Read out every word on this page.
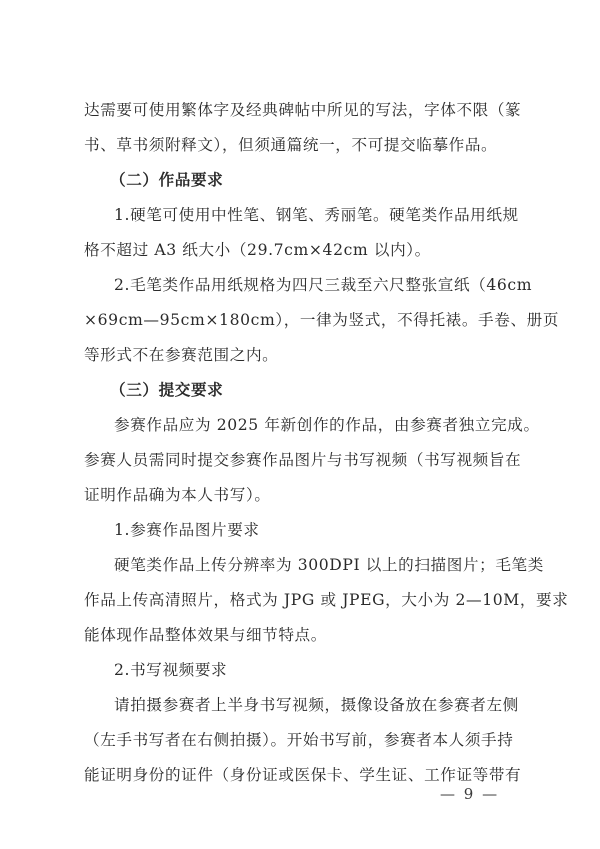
达需要可使用繁体字及经典碑帖中所见的写法，字体不限（篆
书、草书须附释文），但须通篇统一，不可提交临摹作品。
（二）作品要求
1.硬笔可使用中性笔、钢笔、秀丽笔。硬笔类作品用纸规
格不超过 A3 纸大小（29.7cm×42cm 以内）。
2.毛笔类作品用纸规格为四尺三裁至六尺整张宣纸（46cm
×69cm—95cm×180cm），一律为竖式，不得托裱。手卷、册页
等形式不在参赛范围之内。
（三）提交要求
参赛作品应为 2025 年新创作的作品，由参赛者独立完成。
参赛人员需同时提交参赛作品图片与书写视频（书写视频旨在
证明作品确为本人书写）。
1.参赛作品图片要求
硬笔类作品上传分辨率为 300DPI 以上的扫描图片；毛笔类
作品上传高清照片，格式为 JPG 或 JPEG，大小为 2—10M，要求
能体现作品整体效果与细节特点。
2.书写视频要求
请拍摄参赛者上半身书写视频，摄像设备放在参赛者左侧
（左手书写者在右侧拍摄）。开始书写前，参赛者本人须手持
能证明身份的证件（身份证或医保卡、学生证、工作证等带有
— 9 —
